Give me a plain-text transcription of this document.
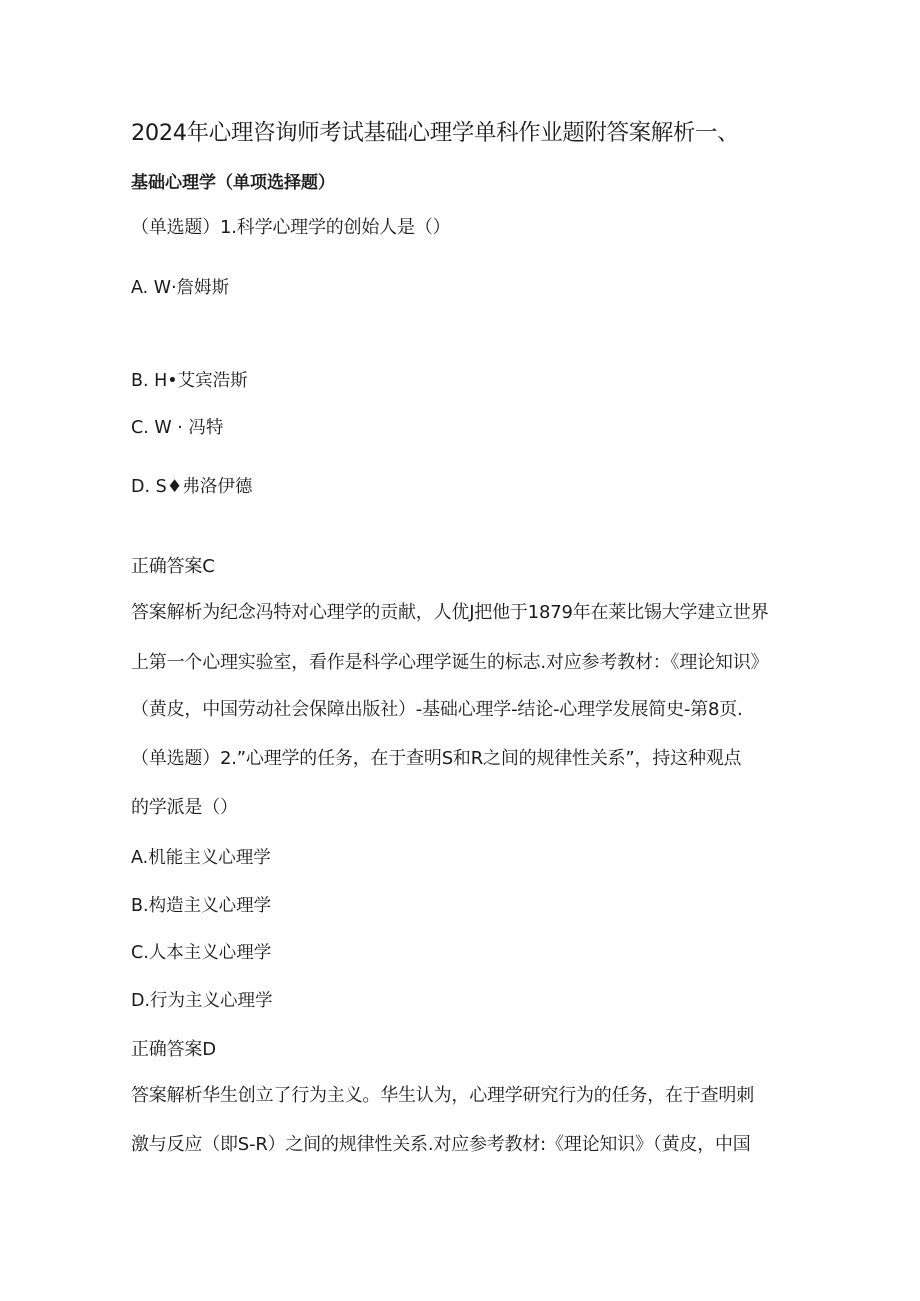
2024年心理咨询师考试基础心理学单科作业题附答案解析一、
基础心理学（单项选择题）
（单选题）1.科学心理学的创始人是（）
A. W·詹姆斯
B. H•艾宾浩斯
C. W · 冯特
D. S♦弗洛伊德
正确答案C
答案解析为纪念冯特对心理学的贡献，人优J把他于1879年在莱比锡大学建立世界
上第一个心理实验室，看作是科学心理学诞生的标志.对应参考教材：《理论知识》
（黄皮，中国劳动社会保障出版社）-基础心理学-结论-心理学发展简史-第8页.
（单选题）2.”心理学的任务，在于查明S和R之间的规律性关系”，持这种观点
的学派是（）
A.机能主义心理学
B.构造主义心理学
C.人本主义心理学
D.行为主义心理学
正确答案D
答案解析华生创立了行为主义。华生认为，心理学研究行为的任务，在于查明刺
激与反应（即S-R）之间的规律性关系.对应参考教材:《理论知识》（黄皮，中国
